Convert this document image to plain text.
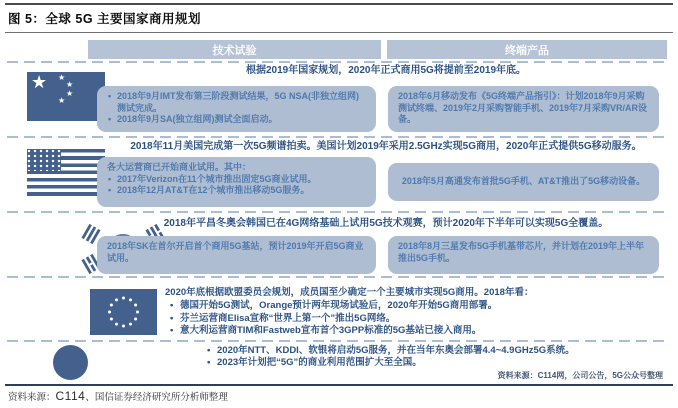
图 5：全球 5G 主要国家商用规划
技术试验	终端产品
★ ★
★
★
★
根据2019年国家规划，2020年正式商用5G将提前至2019年底。
• 2018年9月IMT发布第三阶段测试结果，5G NSA(非独立组网)测试完成。
• 2018年9月SA(独立组网)测试全面启动。
2018年6月移动发布《5G终端产品指引》：计划2018年9月采购测试终端、2019年2月采购智能手机、2019年7月采购VR/AR设备。
2018年11月美国完成第一次5G频谱拍卖。美国计划2019年采用2.5GHz实现5G商用，2020年正式提供5G移动服务。
各大运营商已开始商业试用。其中：
• 2017年Verizon在11个城市推出固定5G商业试用。
• 2018年12月AT&T在12个城市推出移动5G服务。
2018年5月高通发布首批5G手机、AT&T推出了5G移动设备。
2018年平昌冬奥会韩国已在4G网络基础上试用5G技术观赛，预计2020年下半年可以实现5G全覆盖。
2018年SK在首尔开启首个商用5G基站，预计2019年开启5G商业试用。
2018年8月三星发布5G手机基带芯片，并计划在2019年上半年推出5G手机。
2020年底根据欧盟委员会规划，成员国至少确定一个主要城市实现5G商用。2018年看：
• 德国开始5G测试，Orange预计两年现场试验后，2020年开始5G商用部署。
• 芬兰运营商Elisa宣称“世界上第一个”推出5G网络。
• 意大利运营商TIM和Fastweb宣布首个3GPP标准的5G基站已接入商用。
• 2020年NTT、KDDI、软银将启动5G服务，并在当年东奥会部署4.4~4.9GHz5G系统。
• 2023年计划把“5G”的商业利用范围扩大至全国。
资料来源：C114网，公司公告，5G公众号整理
资料来源：C114、国信证券经济研究所分析师整理
